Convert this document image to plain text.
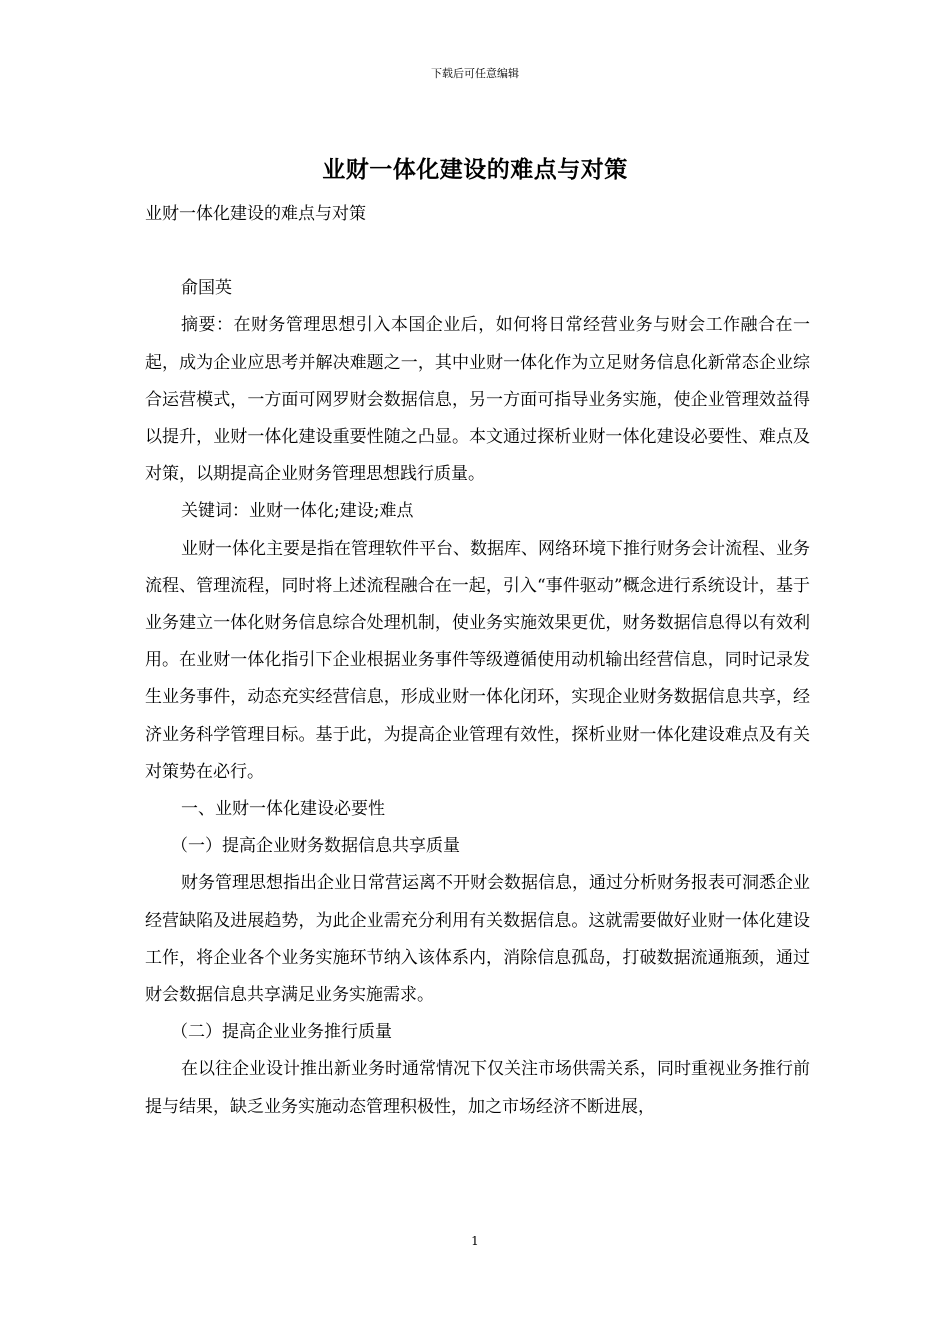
下载后可任意编辑
业财一体化建设的难点与对策

业财一体化建设的难点与对策

俞国英

摘要：在财务管理思想引入本国企业后，如何将日常经营业务与财会工作融合在一起，成为企业应思考并解决难题之一，其中业财一体化作为立足财务信息化新常态企业综合运营模式，一方面可网罗财会数据信息，另一方面可指导业务实施，使企业管理效益得以提升，业财一体化建设重要性随之凸显。本文通过探析业财一体化建设必要性、难点及对策，以期提高企业财务管理思想践行质量。

关键词：业财一体化;建设;难点

业财一体化主要是指在管理软件平台、数据库、网络环境下推行财务会计流程、业务流程、管理流程，同时将上述流程融合在一起，引入“事件驱动”概念进行系统设计，基于业务建立一体化财务信息综合处理机制，使业务实施效果更优，财务数据信息得以有效利用。在业财一体化指引下企业根据业务事件等级遵循使用动机输出经营信息，同时记录发生业务事件，动态充实经营信息，形成业财一体化闭环，实现企业财务数据信息共享，经济业务科学管理目标。基于此，为提高企业管理有效性，探析业财一体化建设难点及有关对策势在必行。

一、业财一体化建设必要性

（一）提高企业财务数据信息共享质量

财务管理思想指出企业日常营运离不开财会数据信息，通过分析财务报表可洞悉企业经营缺陷及进展趋势，为此企业需充分利用有关数据信息。这就需要做好业财一体化建设工作，将企业各个业务实施环节纳入该体系内，消除信息孤岛，打破数据流通瓶颈，通过财会数据信息共享满足业务实施需求。

（二）提高企业业务推行质量

在以往企业设计推出新业务时通常情况下仅关注市场供需关系，同时重视业务推行前提与结果，缺乏业务实施动态管理积极性，加之市场经济不断进展，

1
